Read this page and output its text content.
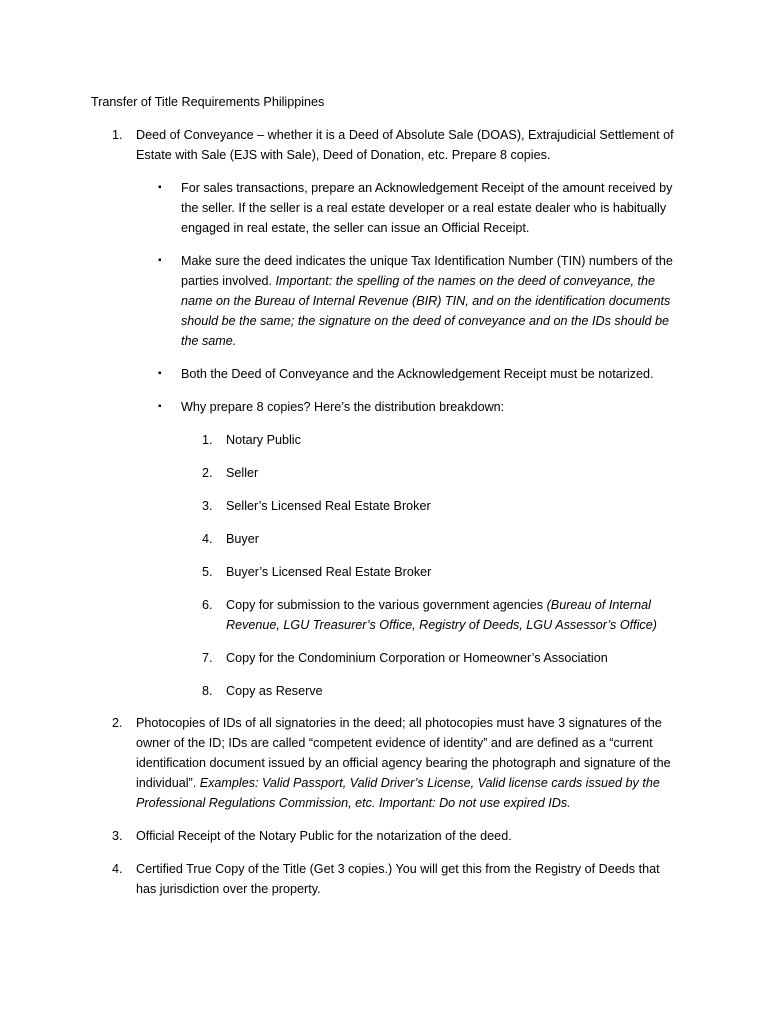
Transfer of Title Requirements Philippines

1.	Deed of Conveyance – whether it is a Deed of Absolute Sale (DOAS), Extrajudicial Settlement of Estate with Sale (EJS with Sale), Deed of Donation, etc. Prepare 8 copies.

▪	For sales transactions, prepare an Acknowledgement Receipt of the amount received by the seller. If the seller is a real estate developer or a real estate dealer who is habitually engaged in real estate, the seller can issue an Official Receipt.

▪	Make sure the deed indicates the unique Tax Identification Number (TIN) numbers of the parties involved. Important: the spelling of the names on the deed of conveyance, the name on the Bureau of Internal Revenue (BIR) TIN, and on the identification documents should be the same; the signature on the deed of conveyance and on the IDs should be the same.

▪	Both the Deed of Conveyance and the Acknowledgement Receipt must be notarized.

▪	Why prepare 8 copies? Here’s the distribution breakdown:

1.	Notary Public

2.	Seller

3.	Seller’s Licensed Real Estate Broker

4.	Buyer

5.	Buyer’s Licensed Real Estate Broker

6.	Copy for submission to the various government agencies (Bureau of Internal Revenue, LGU Treasurer’s Office, Registry of Deeds, LGU Assessor’s Office)

7.	Copy for the Condominium Corporation or Homeowner’s Association

8.	Copy as Reserve

2.	Photocopies of IDs of all signatories in the deed; all photocopies must have 3 signatures of the owner of the ID; IDs are called “competent evidence of identity” and are defined as a “current identification document issued by an official agency bearing the photograph and signature of the individual”. Examples: Valid Passport, Valid Driver’s License, Valid license cards issued by the Professional Regulations Commission, etc. Important: Do not use expired IDs.

3.	Official Receipt of the Notary Public for the notarization of the deed.

4.	Certified True Copy of the Title (Get 3 copies.) You will get this from the Registry of Deeds that has jurisdiction over the property.
